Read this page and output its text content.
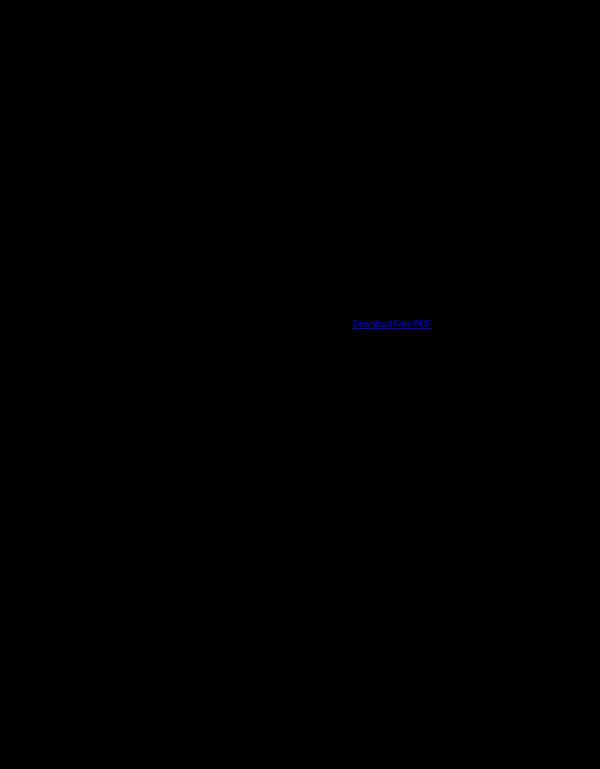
Download Free PDF
